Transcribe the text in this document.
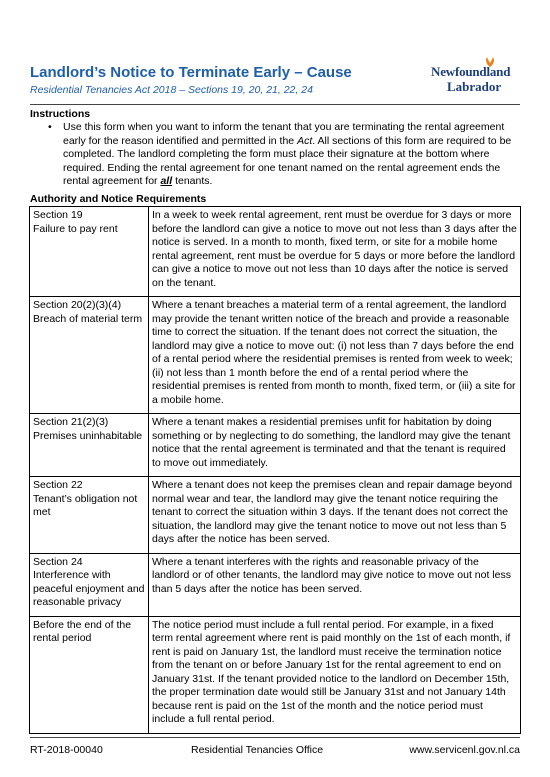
Landlord’s Notice to Terminate Early – Cause
Residential Tenancies Act 2018 – Sections 19, 20, 21, 22, 24
Newfoundland
Labrador
Instructions
• Use this form when you want to inform the tenant that you are terminating the rental agreement early for the reason identified and permitted in the Act. All sections of this form are required to be completed. The landlord completing the form must place their signature at the bottom where required. Ending the rental agreement for one tenant named on the rental agreement ends the rental agreement for all tenants.
Authority and Notice Requirements
Section 19
Failure to pay rent	In a week to week rental agreement, rent must be overdue for 3 days or more before the landlord can give a notice to move out not less than 3 days after the notice is served. In a month to month, fixed term, or site for a mobile home rental agreement, rent must be overdue for 5 days or more before the landlord can give a notice to move out not less than 10 days after the notice is served on the tenant.
Section 20(2)(3)(4)
Breach of material term	Where a tenant breaches a material term of a rental agreement, the landlord may provide the tenant written notice of the breach and provide a reasonable time to correct the situation. If the tenant does not correct the situation, the landlord may give a notice to move out: (i) not less than 7 days before the end of a rental period where the residential premises is rented from week to week; (ii) not less than 1 month before the end of a rental period where the residential premises is rented from month to month, fixed term, or (iii) a site for a mobile home.
Section 21(2)(3)
Premises uninhabitable	Where a tenant makes a residential premises unfit for habitation by doing something or by neglecting to do something, the landlord may give the tenant notice that the rental agreement is terminated and that the tenant is required to move out immediately.
Section 22
Tenant’s obligation not met	Where a tenant does not keep the premises clean and repair damage beyond normal wear and tear, the landlord may give the tenant notice requiring the tenant to correct the situation within 3 days. If the tenant does not correct the situation, the landlord may give the tenant notice to move out not less than 5 days after the notice has been served.
Section 24
Interference with peaceful enjoyment and reasonable privacy	Where a tenant interferes with the rights and reasonable privacy of the landlord or of other tenants, the landlord may give notice to move out not less than 5 days after the notice has been served.
Before the end of the rental period	The notice period must include a full rental period. For example, in a fixed term rental agreement where rent is paid monthly on the 1st of each month, if rent is paid on January 1st, the landlord must receive the termination notice from the tenant on or before January 1st for the rental agreement to end on January 31st. If the tenant provided notice to the landlord on December 15th, the proper termination date would still be January 31st and not January 14th because rent is paid on the 1st of the month and the notice period must include a full rental period.
RT-2018-00040	Residential Tenancies Office	www.servicenl.gov.nl.ca
